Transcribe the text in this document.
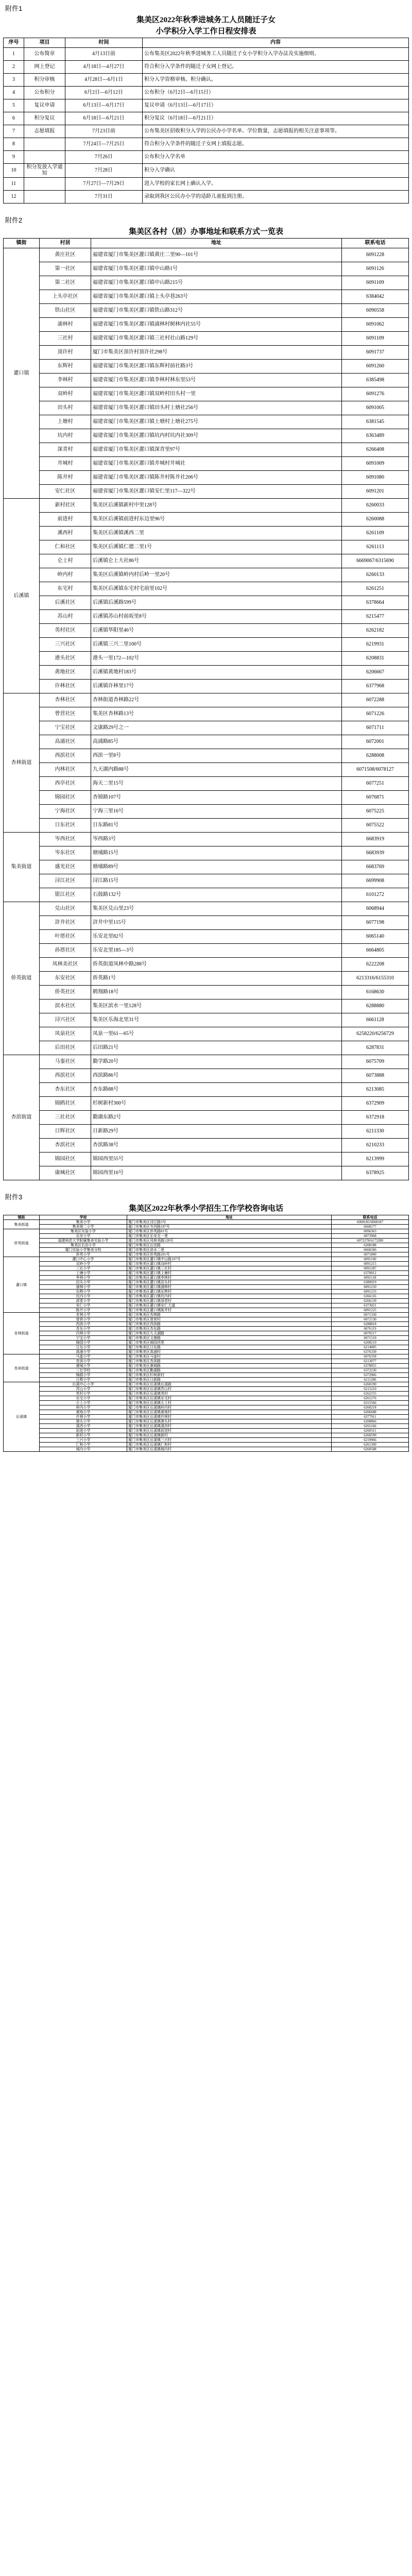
附件1
集美区2022年秋季进城务工人员随迁子女
小学积分入学工作日程安排表
序号	项目	时间	内容
1	公布简章	4月13日前	公布集美区2022年秋季进城务工人员随迁子女小学积分入学办法及实施细则。
2	网上登记	4月18日—4月27日	符合积分入学条件的随迁子女网上登记。
3	积分审核	4月28日—6月1日	积分入学资格审核、积分确认。
4	公布积分	6月2日—6月12日	公布积分（6月2日—6月15日）
5	复议申请	6月13日—6月17日	复议申请（6月13日—6月17日）
6	积分复议	6月18日—6月21日	积分复议（6月18日—6月21日）
7	志愿填报	7月23日前	公布集美区招收积分入学的公民办小学名单、学位数量，志愿填报的相关注意事项等。
8		7月24日—7月25日	符合积分入学条件的随迁子女网上填报志愿。
9		7月26日	公布积分入学名单
10	积分发放入学通知	7月28日	积分入学确认
11		7月27日—7月29日	进入学校的家长网上确认入学。
12		7月31日	录取到我区公民办小学的适龄儿童报到注册。
附件2
集美区各村（居）办事地址和联系方式一览表
镇街	村居	地址	联系电话
灌口镇	黄庄社区	福建省厦门市集美区灌口镇黄庄二里90—101号	6091228
	第一社区	福建省厦门市集美区灌口镇中山路1号	6091126
	第二社区	福建省厦门市集美区灌口镇中山路215号	6091109
	上头亭社区	福建省厦门市集美区灌口镇上头亭巷263号	6384042
	铁山社区	福建省厦门市集美区灌口镇铁山路312号	6090558
	浦林村	福建省厦门市集美区灌口镇浦林村树林内社55号	6091062
	三社村	福建省厦门市集美区灌口镇三社村社山路129号	6091109
	顶许村	厦门市集美区顶许村顶许社298号	6091737
	东辉村	福建省厦门市集美区灌口镇东辉村前社路3号	6091260
	李林村	福建省厦门市集美区灌口镇李林村林东里53号	6385498
	双岭村	福建省厦门市集美区灌口镇双岭村田头村一里	6091276
	田头村	福建省厦门市集美区灌口镇田头村上塘社256号	6091005
	上塘村	福建省厦门市集美区灌口镇上塘村上塘社275号	6381545
	坑内村	福建省厦门市集美区灌口镇坑内村坑内社309号	6363489
	深青村	福建省厦门市集美区灌口镇深青里97号	6266408
	井城村	福建省厦门市集美区灌口镇井城村井城社	6091009
	陈井村	福建省厦门市集美区灌口镇陈井村陈井社206号	6091080
	安仁社区	福建省厦门市集美区灌口镇安仁里117—322号	6091201
后溪镇	新村社区	集美区后溪镇新村中里128号	6260033
	前进村	集美区后溪镇前进村东边里96号	6260088
	溪西村	集美区后溪镇溪西二里	6261109
	仁和社区	集美区后溪镇仁德二里1号	6261113
	仑上村	后溪镇仑上大社86号	6669067/6315690
	岭内村	集美区后溪镇岭内村后岭一里20号	6260133
	东宅村	集美区后溪镇东宅村宅前里102号	6261251
	后溪社区	后溪镇后溪路599号	6378664
	苏山村	后溪镇苏山村前坂里8号	6215477
	英村社区	后溪镇华阳里46号	6262182
	三兴社区	后溪镇三兴二里100号	6219931
	港头社区	港头一里172—102号	6208831
	黄地社区	后溪镇黄地村183号	6206667
	许林社区	后溪镇许林里17号	6377968
杏林街道	杏林社区	杏林街道杏林路22号	6072288
	曾营社区	集美区杏林路13号	6071226
	宁宝社区	文康路29号之一	6071711
	高浦社区	高浦路85号	6072001
	西滨社区	西滨一里8号	6288008
	内林社区	九天湖内路88号	6071508/6078127
	西亭社区	海天二里15号	6077251
	锦园社区	杏锦路107号	6076871
	宁海社区	宁海三里16号	6075225
	日东社区	日东路81号	6075522
集美街道	岑西社区	岑西路3号	6683919
	岑东社区	塘埔路15号	6683939
	盛光社区	塘埔路89号	6683769
	浔江社区	浔江路15号	6699908
	银江社区	石鼓路132号	6101272
侨英街道	兑山社区	集美区兑山里23号	6068944
	浒井社区	浒井中里115号	6077198
	叶厝社区	乐安北里82号	6065140
	孙厝社区	乐安北里185—3号	6664805
	凤林美社区	侨英街道凤林中路288号	6222208
	东安社区	侨英路1号	6213316/6155310
	侨英社区	鹤翔路18号	6168630
	滨水社区	集美区滨水一里128号	6288880
	浔兴社区	集美区乐海北里31号	6661128
	凤泉社区	凤泉一里61—65号	6258220/6256729
	后田社区	后田路21号	6287831
杏滨街道	马銮社区	勤学路20号	6075709
	西滨社区	西滨路86号	6073888
	杏东社区	杏东路88号	6213085
	锦鸥社区	杉树新村300号	6372909
	三社社区	勤湖东路2号	6372918
	日辉社区	日新路29号	6211330
	杏滨社区	杏滨路38号	6210233
	锦园社区	锦园西里55号	6213999
	康城社区	锦园西里16号	6378925
附件3
集美区2022年秋季小学招生工作学校咨询电话
镇街	学校	地址	联系电话
集美街道	集美小学	厦门市集美区浔江路3号	6068185/6068187
	集美第二小学	厦门市集美区岑西路187号	6668177
侨英街道	集美区实验小学	厦门市集美区侨英路81号	6096363
	乐安小学	厦门市集美区乐安北一里	6073968
	福建师范大学附属集美实验小学	厦门市集美区凤林美路128号	6072278/6173280
	集美区后田小学	厦门市集美区后田路	6208188
	厦门实验小学集美分校	厦门市集美区滨水二里	6668186
	侨英小学	厦门市集美区侨英路201号	6071800
灌口镇	灌口中心小学	厦门市集美区灌口镇中山路107号	6091160
	双岭小学	厦门市集美区灌口镇双岭村	6091215
	三社小学	厦门市集美区灌口镇三社村	6091287
	上塘小学	厦门市集美区灌口镇上塘村	6370012
	李林小学	厦门市集美区灌口镇李林村	6091118
	田头小学	厦门市集美区灌口镇田头村	6380919
	浦林小学	厦门市集美区灌口镇浦林村	6091250
	东辉小学	厦门市集美区灌口镇东辉村	6091233
	坑内小学	厦门市集美区灌口镇坑内村	6366116
	深青小学	厦门市集美区灌口镇深青村	6266139
	安仁小学	厦门市集美区灌口镇安仁大道	6373021
	陈井小学	厦门市集美区灌口镇陈井村	6091225
杏林街道	杏林小学	厦门市集美区杏林路	6071330
	曾营小学	厦门市集美区曾营村	6072130
	西滨小学	厦门市集美区西滨路	6288818
	杏东小学	厦门市集美区杏东路	6076119
	内林小学	厦门市集美区九天湖路	6070217
	宁宝小学	厦门市集美区文康路	6071519
	锦园小学	厦门市集美区锦园西里	6208219
	日东小学	厦门市集美区日东路	6214005
	高浦小学	厦门市集美区高浦村	6376339
杏滨街道	马銮小学	厦门市集美区马銮村	6076358
	杏滨小学	厦门市集美区杏滨路	6213077
	康城小学	厦门市集美区康城路	6378055
	三社学校	厦门市集美区勤湖路	6372230
	锦鸥小学	厦门市集美区杉树新村	6372966
	日辉小学	厦门市集美区日新路	6211286
后溪镇	后溪中心小学	厦门市集美区后溪镇后溪路	6260190
	苏山小学	厦门市集美区后溪镇苏山村	6215210
	英村小学	厦门市集美区后溪镇英村	6262155
	东宅小学	厦门市集美区后溪镇东宅村	6261276
	仑上小学	厦门市集美区后溪镇仑上村	6315566
	岭内小学	厦门市集美区后溪镇岭内村	6260218
	黄地小学	厦门市集美区后溪镇黄地村	6206688
	许林小学	厦门市集美区后溪镇许林村	6377911
	港头小学	厦门市集美区后溪镇港头村	6208866
	溪西小学	厦门市集美区后溪镇溪西村	6261166
	前进小学	厦门市集美区后溪镇前进村	6260311
	新村小学	厦门市集美区后溪镇新村	6260599
	三兴小学	厦门市集美区后溪镇三兴村	6219966
	仁和小学	厦门市集美区后溪镇仁和村	6261300
	城内小学	厦门市集美区后溪镇城内村	6260588
